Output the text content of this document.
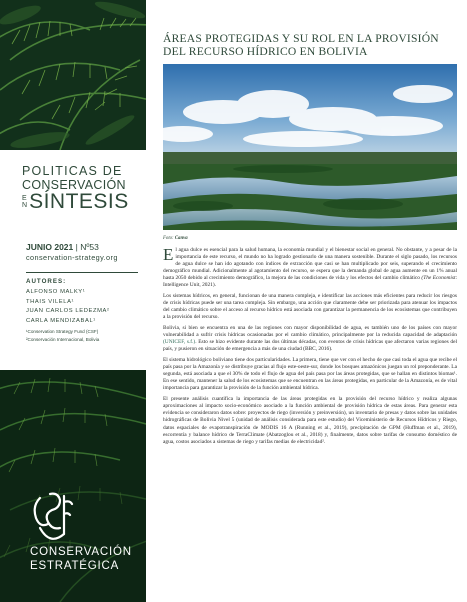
POLITICAS DE
CONSERVACIÓN
E
N SÍNTESIS
JUNIO 2021 | Nº53
conservation-strategy.org
AUTORES:
ALFONSO MALKY¹
THAIS VILELA¹
JUAN CARLOS LEDEZMA²
CARLA MENDIZABAL¹
¹Conservation Strategy Fund (CSF)
²Conservación Internacional, Bolivia
CONSERVACIÓN
ESTRATÉGICA
ÁREAS PROTEGIDAS Y SU ROL EN LA PROVISIÓN
DEL RECURSO HÍDRICO EN BOLIVIA
Foto: Canva

El agua dulce es esencial para la salud humana, la economía mundial y el bienestar social en general. No obstante, y a pesar de la importancia de este recurso, el mundo no ha logrado gestionarlo de una manera sostenible. Durante el siglo pasado, los recursos de agua dulce se han ido agotando con índices de extracción que casi se han multiplicado por seis, superando el crecimiento demográfico mundial. Adicionalmente al agotamiento del recurso, se espera que la demanda global de agua aumente en un 1% anual hasta 2050 debido al crecimiento demográfico, la mejora de las condiciones de vida y los efectos del cambio climático (The Economist: Intelligence Unit, 2021).

Los sistemas hídricos, en general, funcionan de una manera compleja, e identificar las acciones más eficientes para reducir los riesgos de crisis hídricas puede ser una tarea compleja. Sin embargo, una acción que claramente debe ser priorizada para atenuar los impactos del cambio climático sobre el acceso al recurso hídrico está asociada con garantizar la permanencia de los ecosistemas que contribuyen a la provisión del recurso.

Bolivia, si bien se encuentra en una de las regiones con mayor disponibilidad de agua, es también uno de los países con mayor vulnerabilidad a sufrir crisis hídricas ocasionadas por el cambio climático, principalmente por la reducida capacidad de adaptación (UNICEF, s.f.). Esto se hizo evidente durante las dos últimas décadas, con eventos de crisis hídricas que afectaron varias regiones del país, y pusieron en situación de emergencia a más de una ciudad (BBC, 2016).

El sistema hidrológico boliviano tiene dos particularidades. La primera, tiene que ver con el hecho de que casi toda el agua que recibe el país pasa por la Amazonía y se distribuye gracias al flujo este-oeste-sur, donde los bosques amazónicos juegan un rol preponderante. La segunda, está asociada a que el 30% de todo el flujo de agua del país pasa por las áreas protegidas, que se hallan en distintos biomas¹. En ese sentido, mantener la salud de los ecosistemas que se encuentran en las áreas protegidas, en particular de la Amazonía, es de vital importancia para garantizar la provisión de la función ambiental hídrica.

El presente análisis cuantifica la importancia de las áreas protegidas en la provisión del recurso hídrico y realiza algunas aproximaciones al impacto socio-económico asociado a la función ambiental de provisión hídrica de estas áreas. Para generar esta evidencia se consideraron datos sobre: proyectos de riego (inversión y preinversión), un inventario de presas y datos sobre las unidades hidrográficas de Bolivia Nivel 5 (unidad de análisis considerada para este estudio) del Viceministerio de Recursos Hídricos y Riego, datos espaciales de evapotranspiración de MODIS 16 A (Running et al., 2019), precipitación de GPM (Huffman et al., 2019), escorrentía y balance hídrico de TerraClimate (Abatzoglou et al., 2018) y, finalmente, datos sobre tarifas de consumo doméstico de agua, costos asociados a sistemas de riego y tarifas medias de electricidad².
